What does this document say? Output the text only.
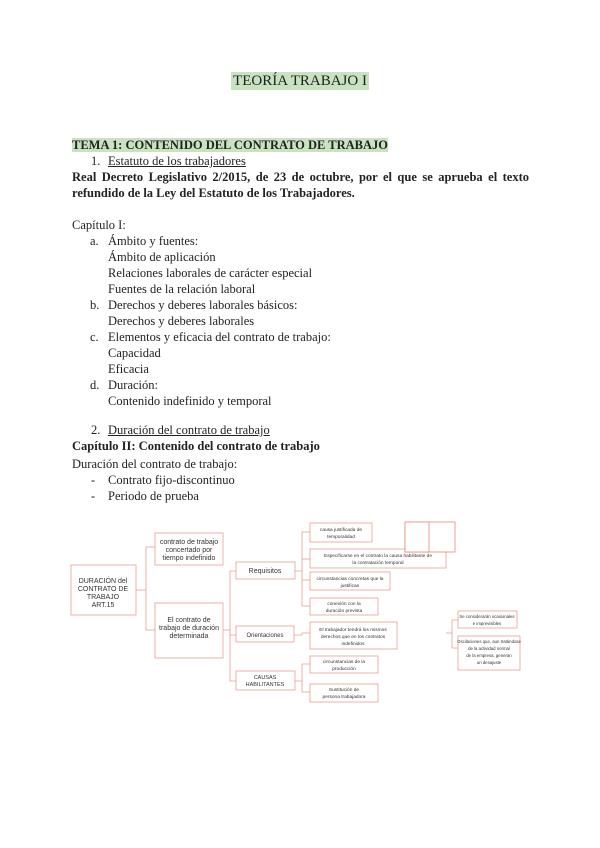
TEORÍA TRABAJO I
TEMA 1: CONTENIDO DEL CONTRATO DE TRABAJO
1. Estatuto de los trabajadores
Real Decreto Legislativo 2/2015, de 23 de octubre, por el que se aprueba el texto
refundido de la Ley del Estatuto de los Trabajadores.
Capítulo I:
a. Ámbito y fuentes:
Ámbito de aplicación
Relaciones laborales de carácter especial
Fuentes de la relación laboral
b. Derechos y deberes laborales básicos:
Derechos y deberes laborales
c. Elementos y eficacia del contrato de trabajo:
Capacidad
Eficacia
d. Duración:
Contenido indefinido y temporal
2. Duración del contrato de trabajo
Capítulo II: Contenido del contrato de trabajo
Duración del contrato de trabajo:
- Contrato fijo-discontinuo
- Periodo de prueba
DURACIÓN del
CONTRATO DE
TRABAJO
ART.15
contrato de trabajo
concertado por
tiempo indefinido
El contrato de
trabajo de duración
determinada
Requisitos
Orientaciones
CAUSAS
HABILITANTES
causa justificada de
temporalidad
Especificarse en el contrato la causa habilitante de
la contratación temporal
circunstancias concretas que la
justifican
conexión con la
duración prevista
El trabajador tendrá los mismos
derechos que en los contratos
indefinidos
Se considerarán ocasionales
e imprevisibles
Oscilaciones que, aun tratándose
de la actividad normal
de la empresa, generan
un desajuste
circunstancias de la
producción
Sustitución de
persona trabajadora
